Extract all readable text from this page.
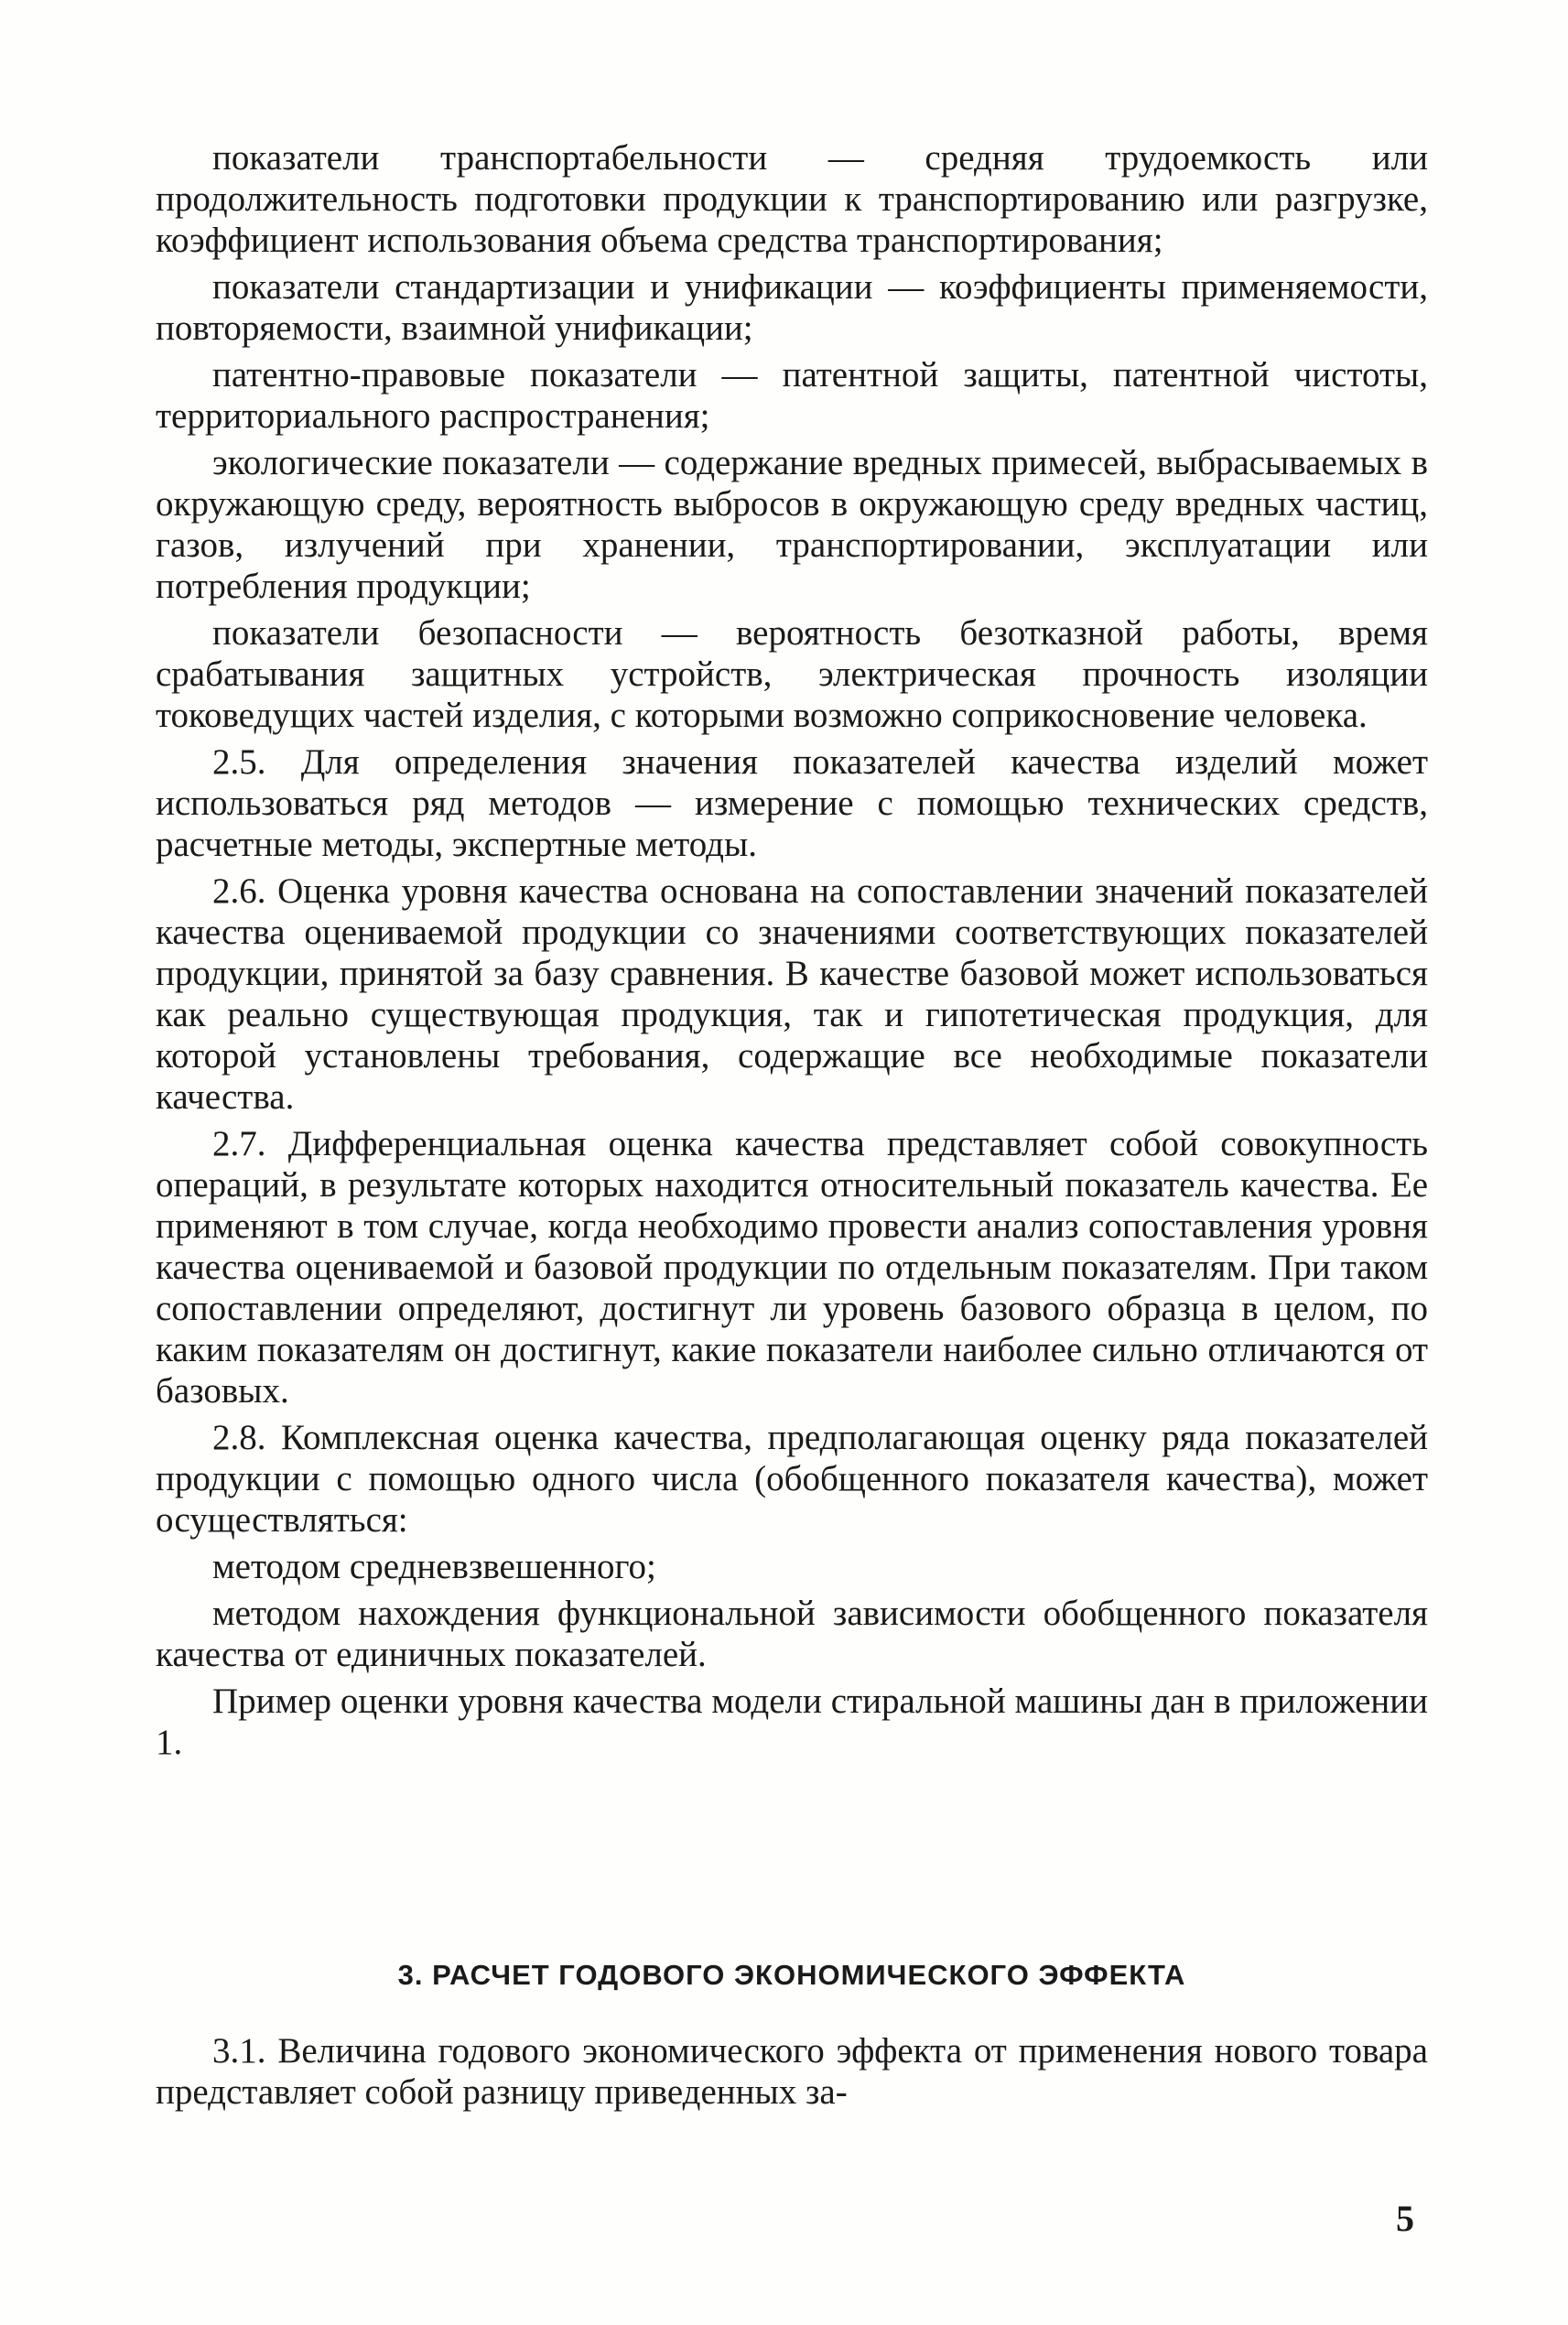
показатели транспортабельности — средняя трудоемкость или продолжительность подготовки продукции к транспортированию или разгрузке, коэффициент использования объема средства транспортирования;

показатели стандартизации и унификации — коэффициенты применяемости, повторяемости, взаимной унификации;

патентно-правовые показатели — патентной защиты, патентной чистоты, территориального распространения;

экологические показатели — содержание вредных примесей, выбрасываемых в окружающую среду, вероятность выбросов в окружающую среду вредных частиц, газов, излучений при хранении, транспортировании, эксплуатации или потребления продукции;

показатели безопасности — вероятность безотказной работы, время срабатывания защитных устройств, электрическая прочность изоляции токоведущих частей изделия, с которыми возможно соприкосновение человека.

2.5. Для определения значения показателей качества изделий может использоваться ряд методов — измерение с помощью технических средств, расчетные методы, экспертные методы.

2.6. Оценка уровня качества основана на сопоставлении значений показателей качества оцениваемой продукции со значениями соответствующих показателей продукции, принятой за базу сравнения. В качестве базовой может использоваться как реально существующая продукция, так и гипотетическая продукция, для которой установлены требования, содержащие все необходимые показатели качества.

2.7. Дифференциальная оценка качества представляет собой совокупность операций, в результате которых находится относительный показатель качества. Ее применяют в том случае, когда необходимо провести анализ сопоставления уровня качества оцениваемой и базовой продукции по отдельным показателям. При таком сопоставлении определяют, достигнут ли уровень базового образца в целом, по каким показателям он достигнут, какие показатели наиболее сильно отличаются от базовых.

2.8. Комплексная оценка качества, предполагающая оценку ряда показателей продукции с помощью одного числа (обобщенного показателя качества), может осуществляться:

методом средневзвешенного;

методом нахождения функциональной зависимости обобщенного показателя качества от единичных показателей.

Пример оценки уровня качества модели стиральной машины дан в приложении 1.

3. РАСЧЕТ ГОДОВОГО ЭКОНОМИЧЕСКОГО ЭФФЕКТА

3.1. Величина годового экономического эффекта от применения нового товара представляет собой разницу приведенных за-

5
